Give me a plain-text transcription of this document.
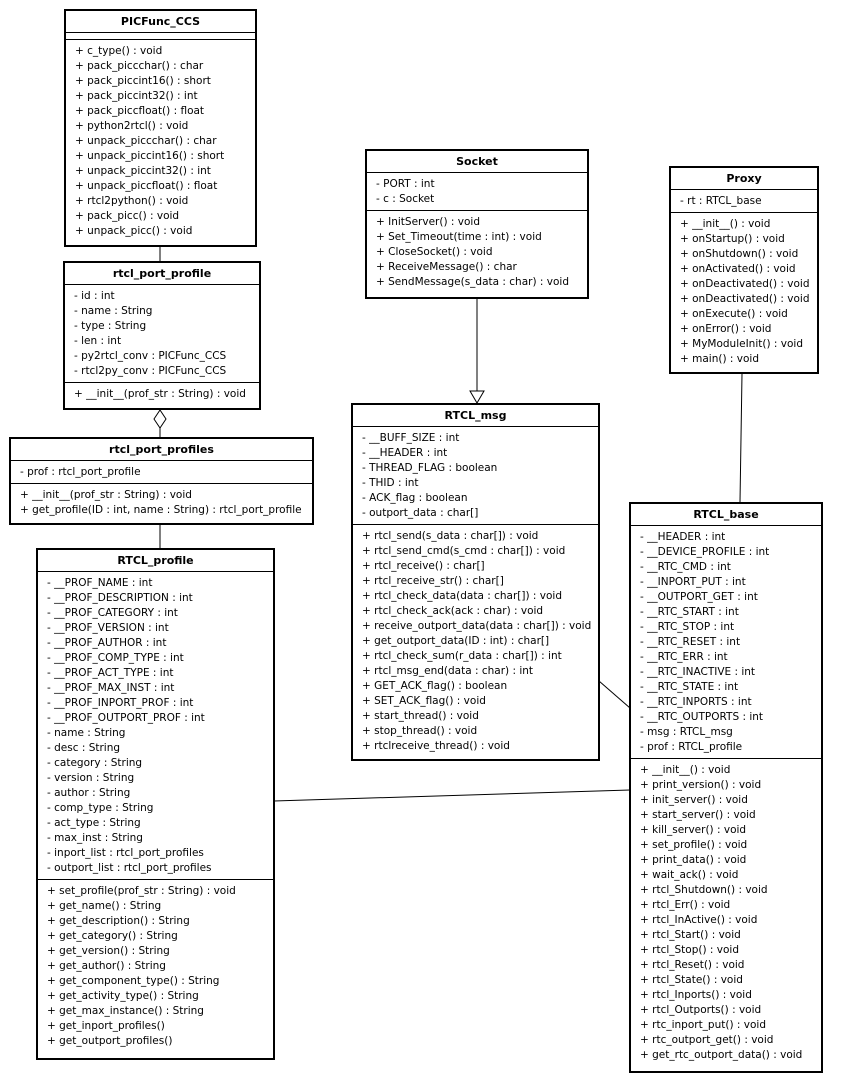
PICFunc_CCS
+ c_type() : void
+ pack_piccchar() : char
+ pack_piccint16() : short
+ pack_piccint32() : int
+ pack_piccfloat() : float
+ python2rtcl() : void
+ unpack_piccchar() : char
+ unpack_piccint16() : short
+ unpack_piccint32() : int
+ unpack_piccfloat() : float
+ rtcl2python() : void
+ pack_picc() : void
+ unpack_picc() : void
rtcl_port_profile
- id : int
- name : String
- type : String
- len : int
- py2rtcl_conv : PICFunc_CCS
- rtcl2py_conv : PICFunc_CCS
+ __init__(prof_str : String) : void
rtcl_port_profiles
- prof : rtcl_port_profile
+ __init__(prof_str : String) : void
+ get_profile(ID : int, name : String) : rtcl_port_profile
RTCL_profile
- __PROF_NAME : int
- __PROF_DESCRIPTION : int
- __PROF_CATEGORY : int
- __PROF_VERSION : int
- __PROF_AUTHOR : int
- __PROF_COMP_TYPE : int
- __PROF_ACT_TYPE : int
- __PROF_MAX_INST : int
- __PROF_INPORT_PROF : int
- __PROF_OUTPORT_PROF : int
- name : String
- desc : String
- category : String
- version : String
- author : String
- comp_type : String
- act_type : String
- max_inst : String
- inport_list : rtcl_port_profiles
- outport_list : rtcl_port_profiles
+ set_profile(prof_str : String) : void
+ get_name() : String
+ get_description() : String
+ get_category() : String
+ get_version() : String
+ get_author() : String
+ get_component_type() : String
+ get_activity_type() : String
+ get_max_instance() : String
+ get_inport_profiles()
+ get_outport_profiles()
Socket
- PORT : int
- c : Socket
+ InitServer() : void
+ Set_Timeout(time : int) : void
+ CloseSocket() : void
+ ReceiveMessage() : char
+ SendMessage(s_data : char) : void
RTCL_msg
- __BUFF_SIZE : int
- __HEADER : int
- THREAD_FLAG : boolean
- THID : int
- ACK_flag : boolean
- outport_data : char[]
+ rtcl_send(s_data : char[]) : void
+ rtcl_send_cmd(s_cmd : char[]) : void
+ rtcl_receive() : char[]
+ rtcl_receive_str() : char[]
+ rtcl_check_data(data : char[]) : void
+ rtcl_check_ack(ack : char) : void
+ receive_outport_data(data : char[]) : void
+ get_outport_data(ID : int) : char[]
+ rtcl_check_sum(r_data : char[]) : int
+ rtcl_msg_end(data : char) : int
+ GET_ACK_flag() : boolean
+ SET_ACK_flag() : void
+ start_thread() : void
+ stop_thread() : void
+ rtclreceive_thread() : void
Proxy
- rt : RTCL_base
+ __init__() : void
+ onStartup() : void
+ onShutdown() : void
+ onActivated() : void
+ onDeactivated() : void
+ onDeactivated() : void
+ onExecute() : void
+ onError() : void
+ MyModuleInit() : void
+ main() : void
RTCL_base
- __HEADER : int
- __DEVICE_PROFILE : int
- __RTC_CMD : int
- __INPORT_PUT : int
- __OUTPORT_GET : int
- __RTC_START : int
- __RTC_STOP : int
- __RTC_RESET : int
- __RTC_ERR : int
- __RTC_INACTIVE : int
- __RTC_STATE : int
- __RTC_INPORTS : int
- __RTC_OUTPORTS : int
- msg : RTCL_msg
- prof : RTCL_profile
+ __init__() : void
+ print_version() : void
+ init_server() : void
+ start_server() : void
+ kill_server() : void
+ set_profile() : void
+ print_data() : void
+ wait_ack() : void
+ rtcl_Shutdown() : void
+ rtcl_Err() : void
+ rtcl_InActive() : void
+ rtcl_Start() : void
+ rtcl_Stop() : void
+ rtcl_Reset() : void
+ rtcl_State() : void
+ rtcl_Inports() : void
+ rtcl_Outports() : void
+ rtc_inport_put() : void
+ rtc_outport_get() : void
+ get_rtc_outport_data() : void
